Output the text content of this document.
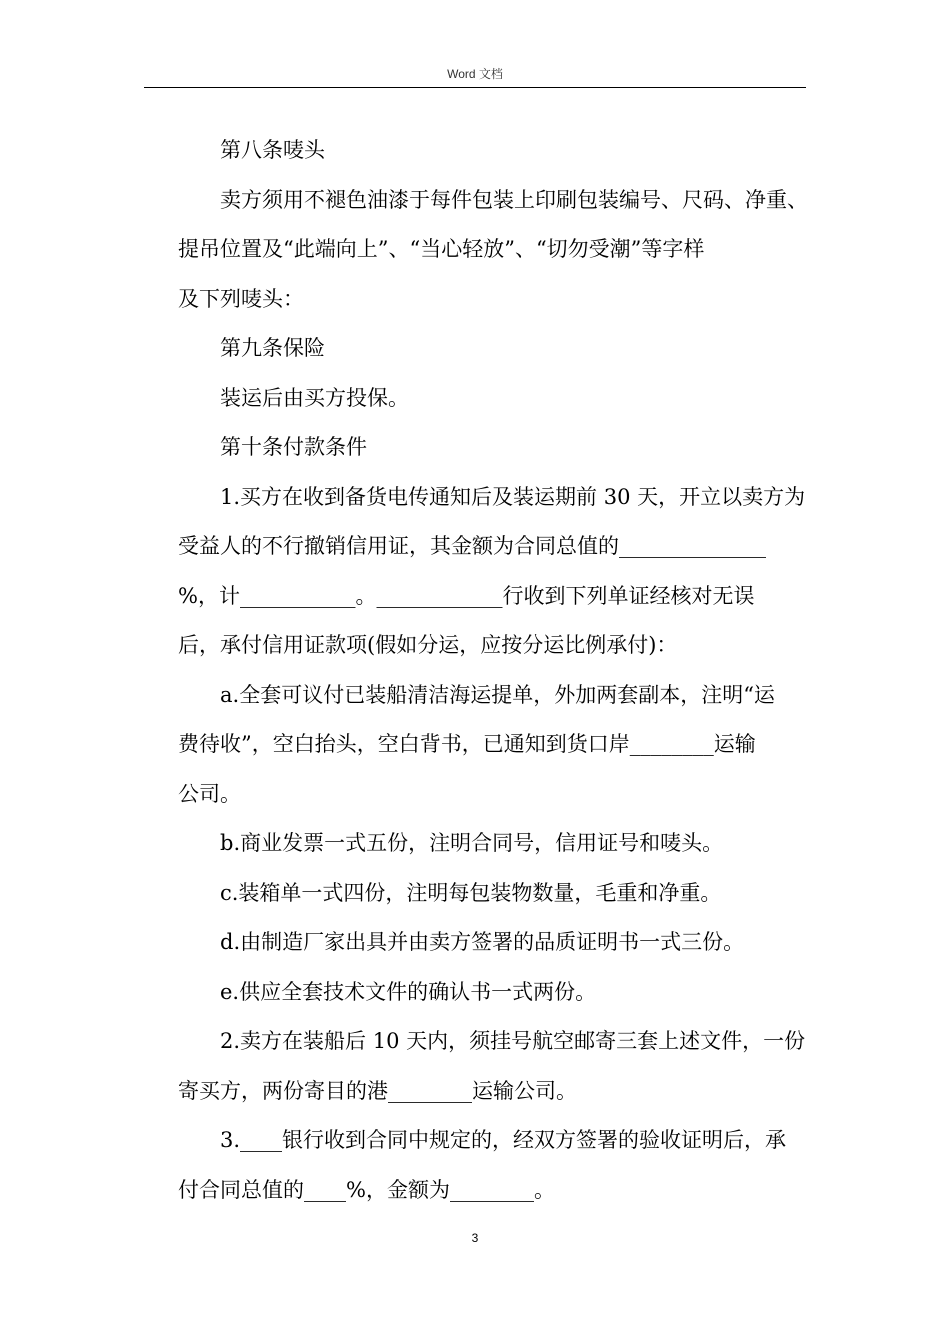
Word 文档
第八条唛头
卖方须用不褪色油漆于每件包装上印刷包装编号、尺码、净重、
提吊位置及“此端向上”、“当心轻放”、“切勿受潮”等字样
及下列唛头：
第九条保险
装运后由买方投保。
第十条付款条件
1.买方在收到备货电传通知后及装运期前 30 天，开立以卖方为
受益人的不行撤销信用证，其金额为合同总值的______________
%，计___________。____________行收到下列单证经核对无误
后，承付信用证款项(假如分运，应按分运比例承付)：
a.全套可议付已装船清洁海运提单，外加两套副本，注明“运
费待收”，空白抬头，空白背书，已通知到货口岸________运输
公司。
b.商业发票一式五份，注明合同号，信用证号和唛头。
c.装箱单一式四份，注明每包装物数量，毛重和净重。
d.由制造厂家出具并由卖方签署的品质证明书一式三份。
e.供应全套技术文件的确认书一式两份。
2.卖方在装船后 10 天内，须挂号航空邮寄三套上述文件，一份
寄买方，两份寄目的港________运输公司。
3.____银行收到合同中规定的，经双方签署的验收证明后，承
付合同总值的____%，金额为________。
3
